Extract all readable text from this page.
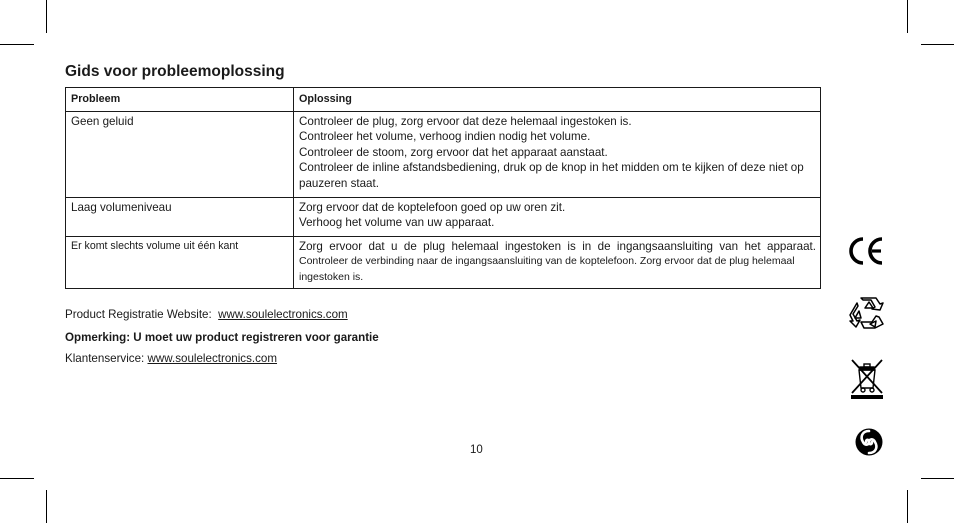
Gids voor probleemoplossing
Probleem	Oplossing
Geen geluid	Controleer de plug, zorg ervoor dat deze helemaal ingestoken is.
Controleer het volume, verhoog indien nodig het volume.
Controleer de stoom, zorg ervoor dat het apparaat aanstaat.
Controleer de inline afstandsbediening, druk op de knop in het midden om te kijken of deze niet op pauzeren staat.

Laag volumeniveau	Zorg ervoor dat de koptelefoon goed op uw oren zit.
Verhoog het volume van uw apparaat.

Er komt slechts volume uit één kant	Zorg ervoor dat u de plug helemaal ingestoken is in de ingangsaansluiting van het apparaat.
Controleer de verbinding naar de ingangsaansluiting van de koptelefoon. Zorg ervoor dat de plug helemaal ingestoken is.
Product Registratie Website: www.soulelectronics.com
Opmerking: U moet uw product registreren voor garantie
Klantenservice: www.soulelectronics.com
10
